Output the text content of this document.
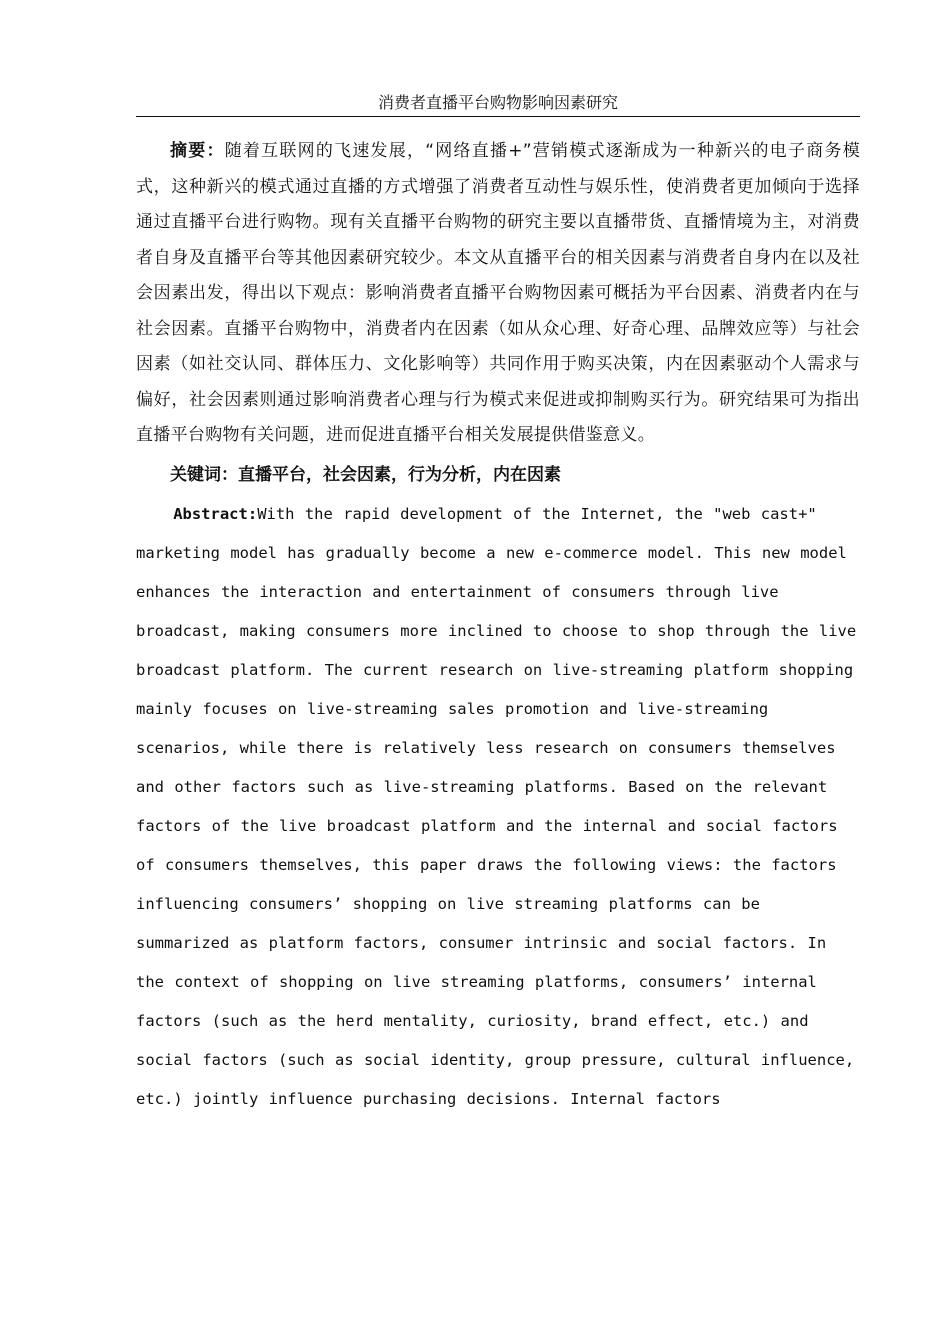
消费者直播平台购物影响因素研究

摘要：随着互联网的飞速发展，“网络直播+”营销模式逐渐成为一种新兴的电子商务模式，这种新兴的模式通过直播的方式增强了消费者互动性与娱乐性，使消费者更加倾向于选择通过直播平台进行购物。现有关直播平台购物的研究主要以直播带货、直播情境为主，对消费者自身及直播平台等其他因素研究较少。本文从直播平台的相关因素与消费者自身内在以及社会因素出发，得出以下观点：影响消费者直播平台购物因素可概括为平台因素、消费者内在与社会因素。直播平台购物中，消费者内在因素（如从众心理、好奇心理、品牌效应等）与社会因素（如社交认同、群体压力、文化影响等）共同作用于购买决策，内在因素驱动个人需求与偏好，社会因素则通过影响消费者心理与行为模式来促进或抑制购买行为。研究结果可为指出直播平台购物有关问题，进而促进直播平台相关发展提供借鉴意义。

关键词：直播平台，社会因素，行为分析，内在因素

Abstract:With the rapid development of the Internet, the "web cast+" marketing model has gradually become a new e-commerce model. This new model enhances the interaction and entertainment of consumers through live broadcast, making consumers more inclined to choose to shop through the live broadcast platform. The current research on live-streaming platform shopping mainly focuses on live-streaming sales promotion and live-streaming scenarios, while there is relatively less research on consumers themselves and other factors such as live-streaming platforms. Based on the relevant factors of the live broadcast platform and the internal and social factors of consumers themselves, this paper draws the following views: the factors influencing consumers’ shopping on live streaming platforms can be summarized as platform factors, consumer intrinsic and social factors. In the context of shopping on live streaming platforms, consumers’ internal factors (such as the herd mentality, curiosity, brand effect, etc.) and social factors (such as social identity, group pressure, cultural influence, etc.) jointly influence purchasing decisions. Internal factors
